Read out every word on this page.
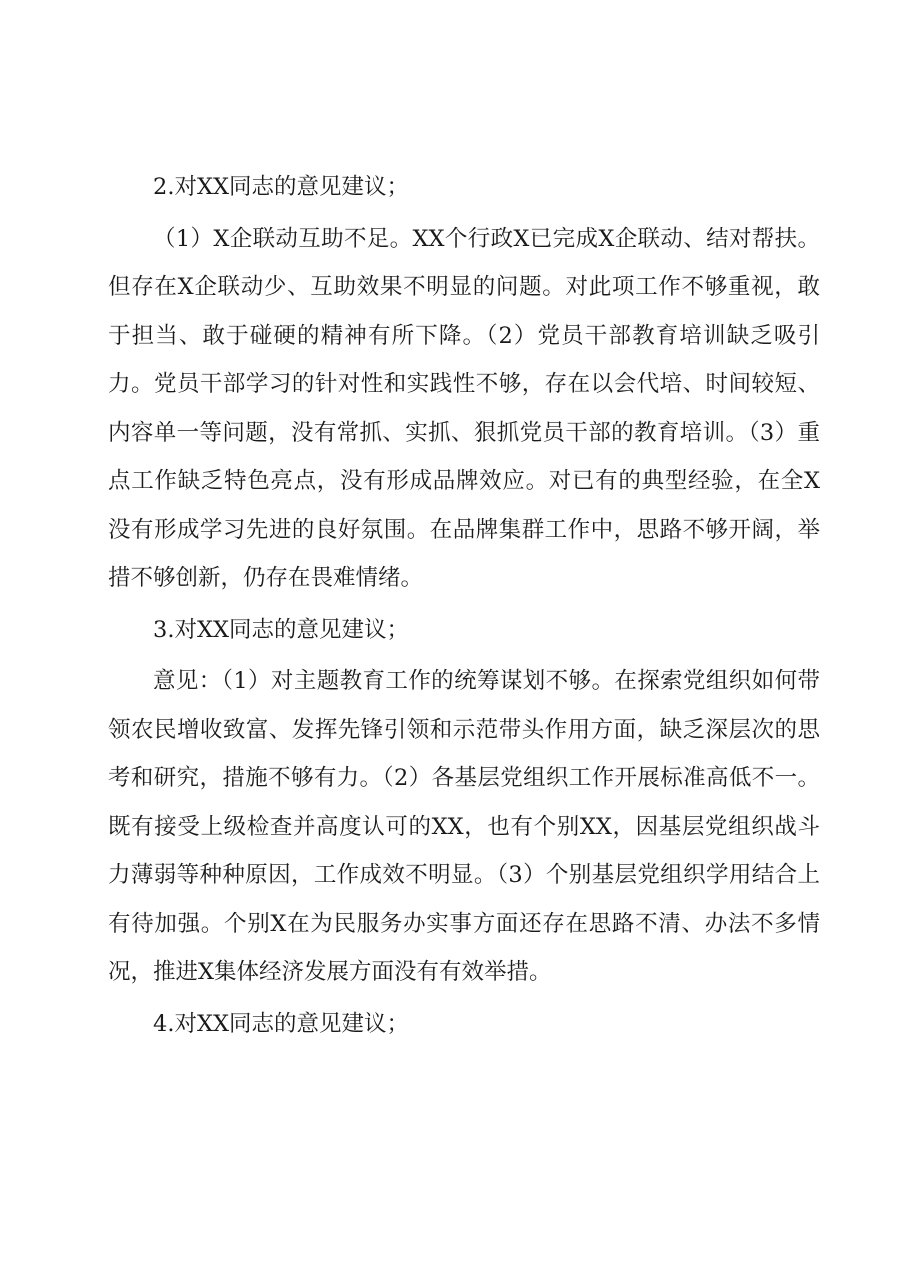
2.对XX同志的意见建议；

（1）X企联动互助不足。XX个行政X已完成X企联动、结对帮扶。但存在X企联动少、互助效果不明显的问题。对此项工作不够重视，敢于担当、敢于碰硬的精神有所下降。（2）党员干部教育培训缺乏吸引力。党员干部学习的针对性和实践性不够，存在以会代培、时间较短、内容单一等问题，没有常抓、实抓、狠抓党员干部的教育培训。（3）重点工作缺乏特色亮点，没有形成品牌效应。对已有的典型经验，在全X没有形成学习先进的良好氛围。在品牌集群工作中，思路不够开阔，举措不够创新，仍存在畏难情绪。

3.对XX同志的意见建议；

意见：（1）对主题教育工作的统筹谋划不够。在探索党组织如何带领农民增收致富、发挥先锋引领和示范带头作用方面，缺乏深层次的思考和研究，措施不够有力。（2）各基层党组织工作开展标准高低不一。既有接受上级检查并高度认可的XX，也有个别XX，因基层党组织战斗力薄弱等种种原因，工作成效不明显。（3）个别基层党组织学用结合上有待加强。个别X在为民服务办实事方面还存在思路不清、办法不多情况，推进X集体经济发展方面没有有效举措。

4.对XX同志的意见建议；
